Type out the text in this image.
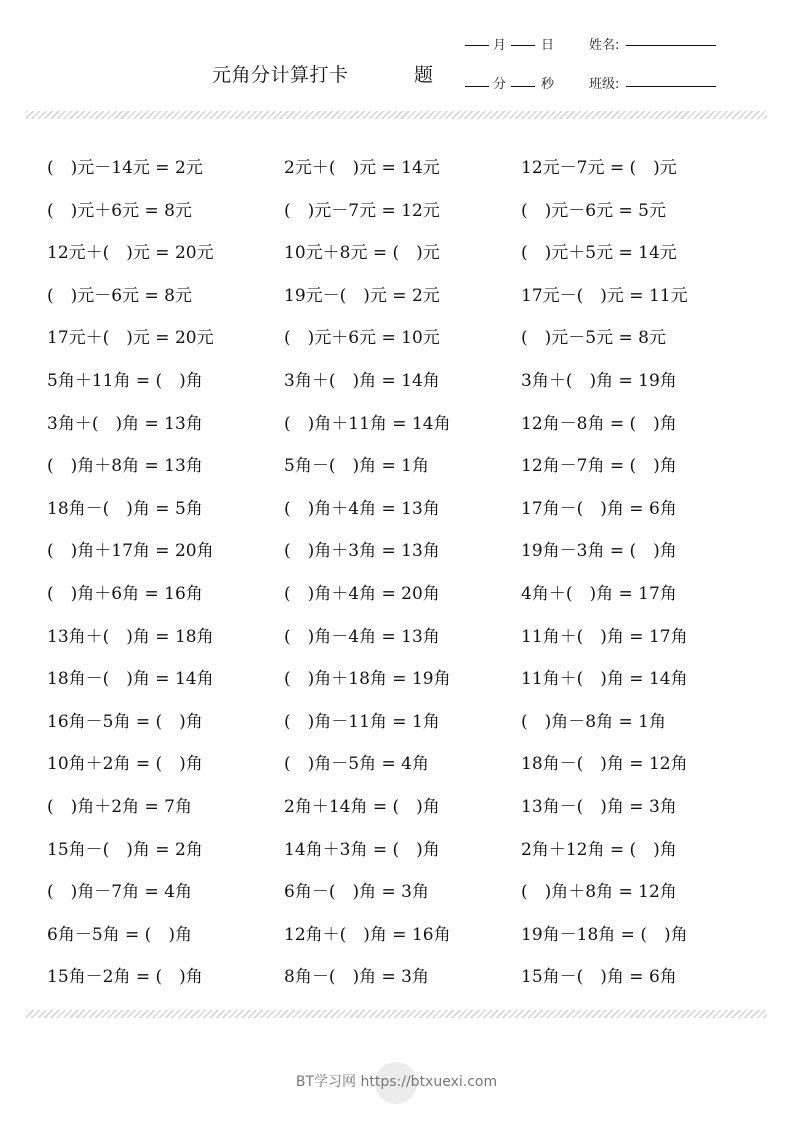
元角分计算打卡	题
月	日
分	秒
姓名:
班级:
( )元－14元 = 2元	2元＋( )元 = 14元	12元－7元 = ( )元
( )元＋6元 = 8元	( )元－7元 = 12元	( )元－6元 = 5元
12元＋( )元 = 20元	10元＋8元 = ( )元	( )元＋5元 = 14元
( )元－6元 = 8元	19元－( )元 = 2元	17元－( )元 = 11元
17元＋( )元 = 20元	( )元＋6元 = 10元	( )元－5元 = 8元
5角＋11角 = ( )角	3角＋( )角 = 14角	3角＋( )角 = 19角
3角＋( )角 = 13角	( )角＋11角 = 14角	12角－8角 = ( )角
( )角＋8角 = 13角	5角－( )角 = 1角	12角－7角 = ( )角
18角－( )角 = 5角	( )角＋4角 = 13角	17角－( )角 = 6角
( )角＋17角 = 20角	( )角＋3角 = 13角	19角－3角 = ( )角
( )角＋6角 = 16角	( )角＋4角 = 20角	4角＋( )角 = 17角
13角＋( )角 = 18角	( )角－4角 = 13角	11角＋( )角 = 17角
18角－( )角 = 14角	( )角＋18角 = 19角	11角＋( )角 = 14角
16角－5角 = ( )角	( )角－11角 = 1角	( )角－8角 = 1角
10角＋2角 = ( )角	( )角－5角 = 4角	18角－( )角 = 12角
( )角＋2角 = 7角	2角＋14角 = ( )角	13角－( )角 = 3角
15角－( )角 = 2角	14角＋3角 = ( )角	2角＋12角 = ( )角
( )角－7角 = 4角	6角－( )角 = 3角	( )角＋8角 = 12角
6角－5角 = ( )角	12角＋( )角 = 16角	19角－18角 = ( )角
15角－2角 = ( )角	8角－( )角 = 3角	15角－( )角 = 6角
BT学习网 https://btxuexi.com
